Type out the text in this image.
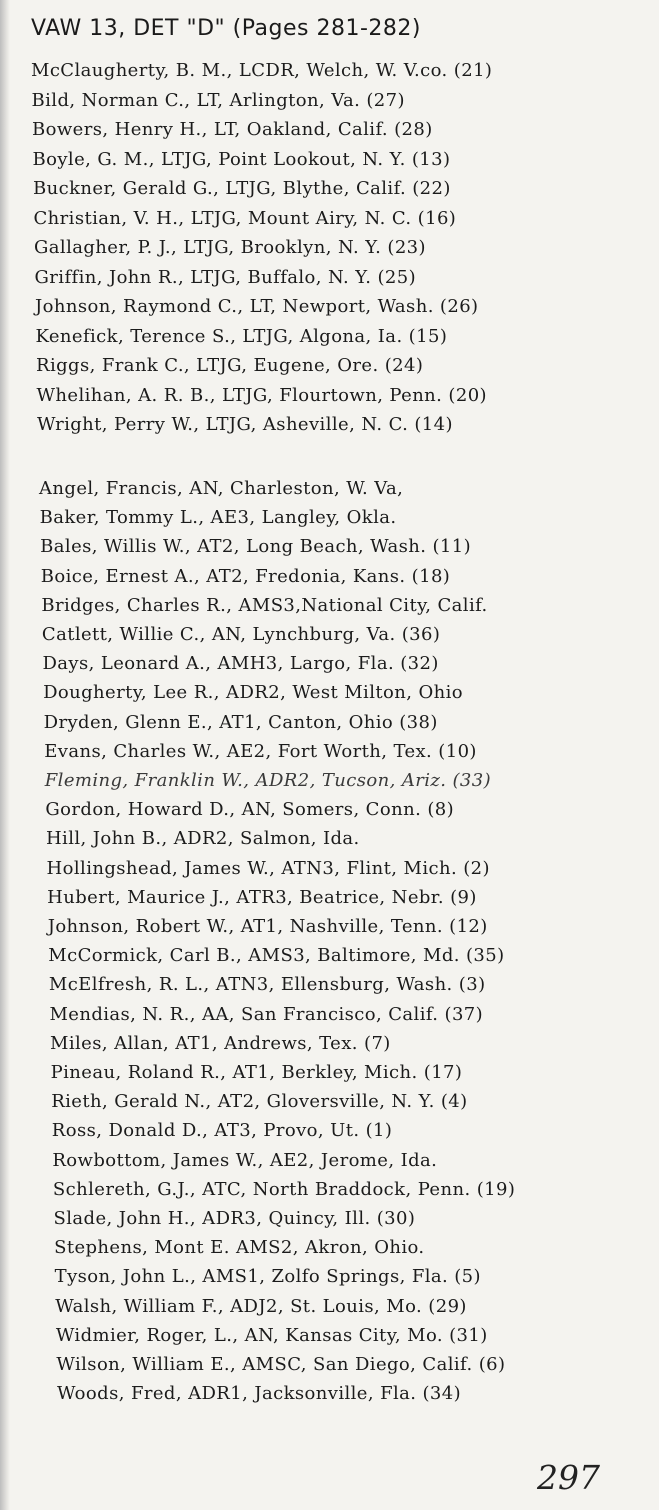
VAW 13, DET "D" (Pages 281-282)
McClaugherty, B. M., LCDR, Welch, W. V.co. (21)
Bild, Norman C., LT, Arlington, Va. (27)
Bowers, Henry H., LT, Oakland, Calif. (28)
Boyle, G. M., LTJG, Point Lookout, N. Y. (13)
Buckner, Gerald G., LTJG, Blythe, Calif. (22)
Christian, V. H., LTJG, Mount Airy, N. C. (16)
Gallagher, P. J., LTJG, Brooklyn, N. Y. (23)
Griffin, John R., LTJG, Buffalo, N. Y. (25)
Johnson, Raymond C., LT, Newport, Wash. (26)
Kenefick, Terence S., LTJG, Algona, Ia. (15)
Riggs, Frank C., LTJG, Eugene, Ore. (24)
Whelihan, A. R. B., LTJG, Flourtown, Penn. (20)
Wright, Perry W., LTJG, Asheville, N. C. (14)
Angel, Francis, AN, Charleston, W. Va,
Baker, Tommy L., AE3, Langley, Okla.
Bales, Willis W., AT2, Long Beach, Wash. (11)
Boice, Ernest A., AT2, Fredonia, Kans. (18)
Bridges, Charles R., AMS3,National City, Calif.
Catlett, Willie C., AN, Lynchburg, Va. (36)
Days, Leonard A., AMH3, Largo, Fla. (32)
Dougherty, Lee R., ADR2, West Milton, Ohio
Dryden, Glenn E., AT1, Canton, Ohio (38)
Evans, Charles W., AE2, Fort Worth, Tex. (10)
Fleming, Franklin W., ADR2, Tucson, Ariz. (33)
Gordon, Howard D., AN, Somers, Conn. (8)
Hill, John B., ADR2, Salmon, Ida.
Hollingshead, James W., ATN3, Flint, Mich. (2)
Hubert, Maurice J., ATR3, Beatrice, Nebr. (9)
Johnson, Robert W., AT1, Nashville, Tenn. (12)
McCormick, Carl B., AMS3, Baltimore, Md. (35)
McElfresh, R. L., ATN3, Ellensburg, Wash. (3)
Mendias, N. R., AA, San Francisco, Calif. (37)
Miles, Allan, AT1, Andrews, Tex. (7)
Pineau, Roland R., AT1, Berkley, Mich. (17)
Rieth, Gerald N., AT2, Gloversville, N. Y. (4)
Ross, Donald D., AT3, Provo, Ut. (1)
Rowbottom, James W., AE2, Jerome, Ida.
Schlereth, G.J., ATC, North Braddock, Penn. (19)
Slade, John H., ADR3, Quincy, Ill. (30)
Stephens, Mont E. AMS2, Akron, Ohio.
Tyson, John L., AMS1, Zolfo Springs, Fla. (5)
Walsh, William F., ADJ2, St. Louis, Mo. (29)
Widmier, Roger, L., AN, Kansas City, Mo. (31)
Wilson, William E., AMSC, San Diego, Calif. (6)
Woods, Fred, ADR1, Jacksonville, Fla. (34)
297
